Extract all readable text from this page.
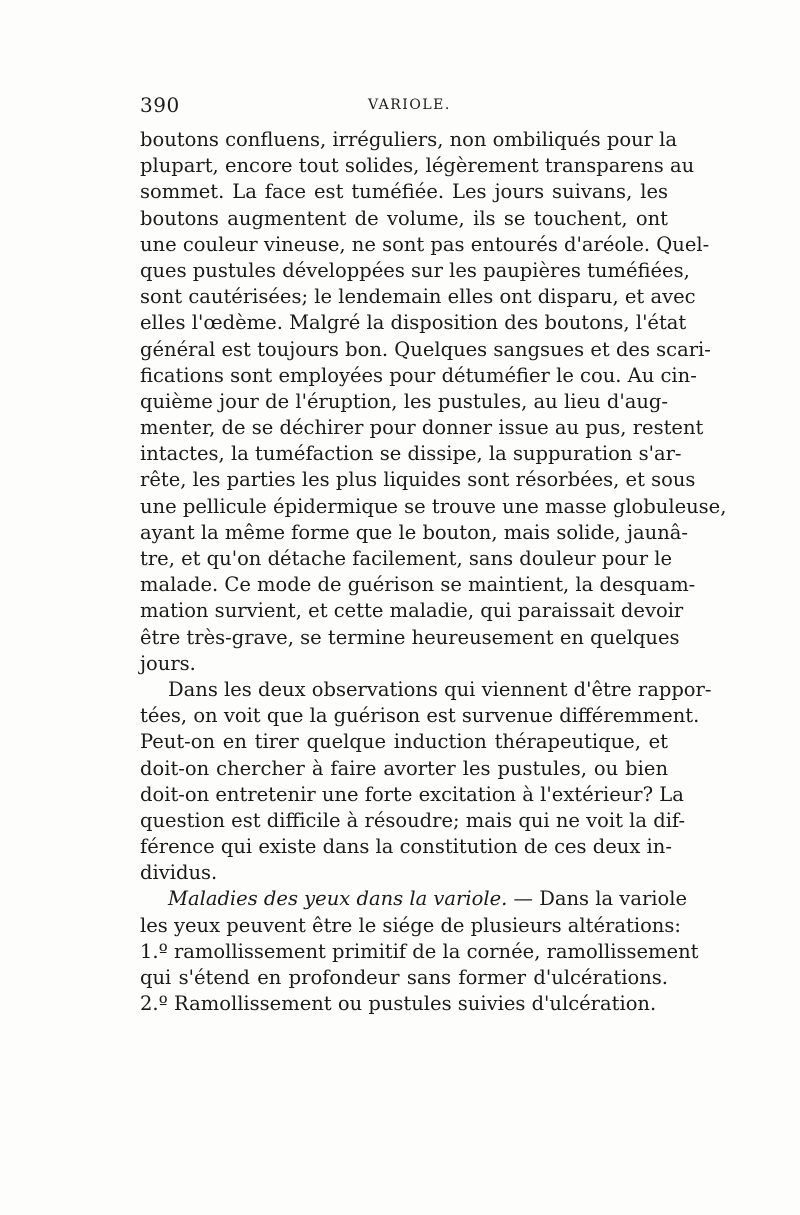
390	VARIOLE.
boutons confluens, irréguliers, non ombiliqués pour la
plupart, encore tout solides, légèrement transparens au
sommet. La face est tuméfiée. Les jours suivans, les
boutons augmentent de volume, ils se touchent, ont
une couleur vineuse, ne sont pas entourés d'aréole. Quel-
ques pustules développées sur les paupières tuméfiées,
sont cautérisées; le lendemain elles ont disparu, et avec
elles l'œdème. Malgré la disposition des boutons, l'état
général est toujours bon. Quelques sangsues et des scari-
fications sont employées pour détuméfier le cou. Au cin-
quième jour de l'éruption, les pustules, au lieu d'aug-
menter, de se déchirer pour donner issue au pus, restent
intactes, la tuméfaction se dissipe, la suppuration s'ar-
rête, les parties les plus liquides sont résorbées, et sous
une pellicule épidermique se trouve une masse globuleuse,
ayant la même forme que le bouton, mais solide, jaunâ-
tre, et qu'on détache facilement, sans douleur pour le
malade. Ce mode de guérison se maintient, la desquam-
mation survient, et cette maladie, qui paraissait devoir
être très-grave, se termine heureusement en quelques
jours.
Dans les deux observations qui viennent d'être rappor-
tées, on voit que la guérison est survenue différemment.
Peut-on en tirer quelque induction thérapeutique, et
doit-on chercher à faire avorter les pustules, ou bien
doit-on entretenir une forte excitation à l'extérieur? La
question est difficile à résoudre; mais qui ne voit la dif-
férence qui existe dans la constitution de ces deux in-
dividus.
Maladies des yeux dans la variole. — Dans la variole
les yeux peuvent être le siége de plusieurs altérations:
1.º ramollissement primitif de la cornée, ramollissement
qui s'étend en profondeur sans former d'ulcérations.
2.º Ramollissement ou pustules suivies d'ulcération.
